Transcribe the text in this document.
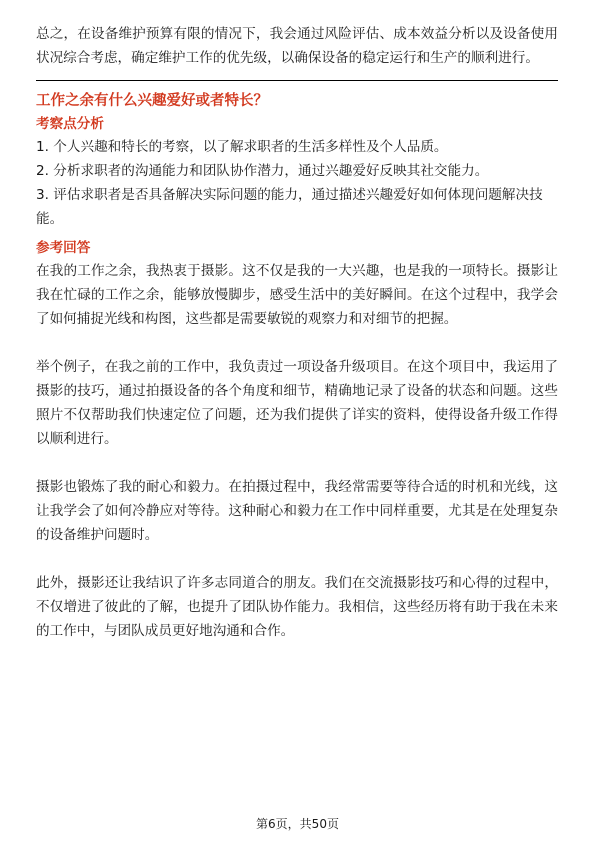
总之，在设备维护预算有限的情况下，我会通过风险评估、成本效益分析以及设备使用状况综合考虑，确定维护工作的优先级，以确保设备的稳定运行和生产的顺利进行。

工作之余有什么兴趣爱好或者特长？

考察点分析

1. 个人兴趣和特长的考察，以了解求职者的生活多样性及个人品质。
2. 分析求职者的沟通能力和团队协作潜力，通过兴趣爱好反映其社交能力。
3. 评估求职者是否具备解决实际问题的能力，通过描述兴趣爱好如何体现问题解决技能。

参考回答

在我的工作之余，我热衷于摄影。这不仅是我的一大兴趣，也是我的一项特长。摄影让我在忙碌的工作之余，能够放慢脚步，感受生活中的美好瞬间。在这个过程中，我学会了如何捕捉光线和构图，这些都是需要敏锐的观察力和对细节的把握。

举个例子，在我之前的工作中，我负责过一项设备升级项目。在这个项目中，我运用了摄影的技巧，通过拍摄设备的各个角度和细节，精确地记录了设备的状态和问题。这些照片不仅帮助我们快速定位了问题，还为我们提供了详实的资料，使得设备升级工作得以顺利进行。

摄影也锻炼了我的耐心和毅力。在拍摄过程中，我经常需要等待合适的时机和光线，这让我学会了如何冷静应对等待。这种耐心和毅力在工作中同样重要，尤其是在处理复杂的设备维护问题时。

此外，摄影还让我结识了许多志同道合的朋友。我们在交流摄影技巧和心得的过程中，不仅增进了彼此的了解，也提升了团队协作能力。我相信，这些经历将有助于我在未来的工作中，与团队成员更好地沟通和合作。

第6页，共50页
